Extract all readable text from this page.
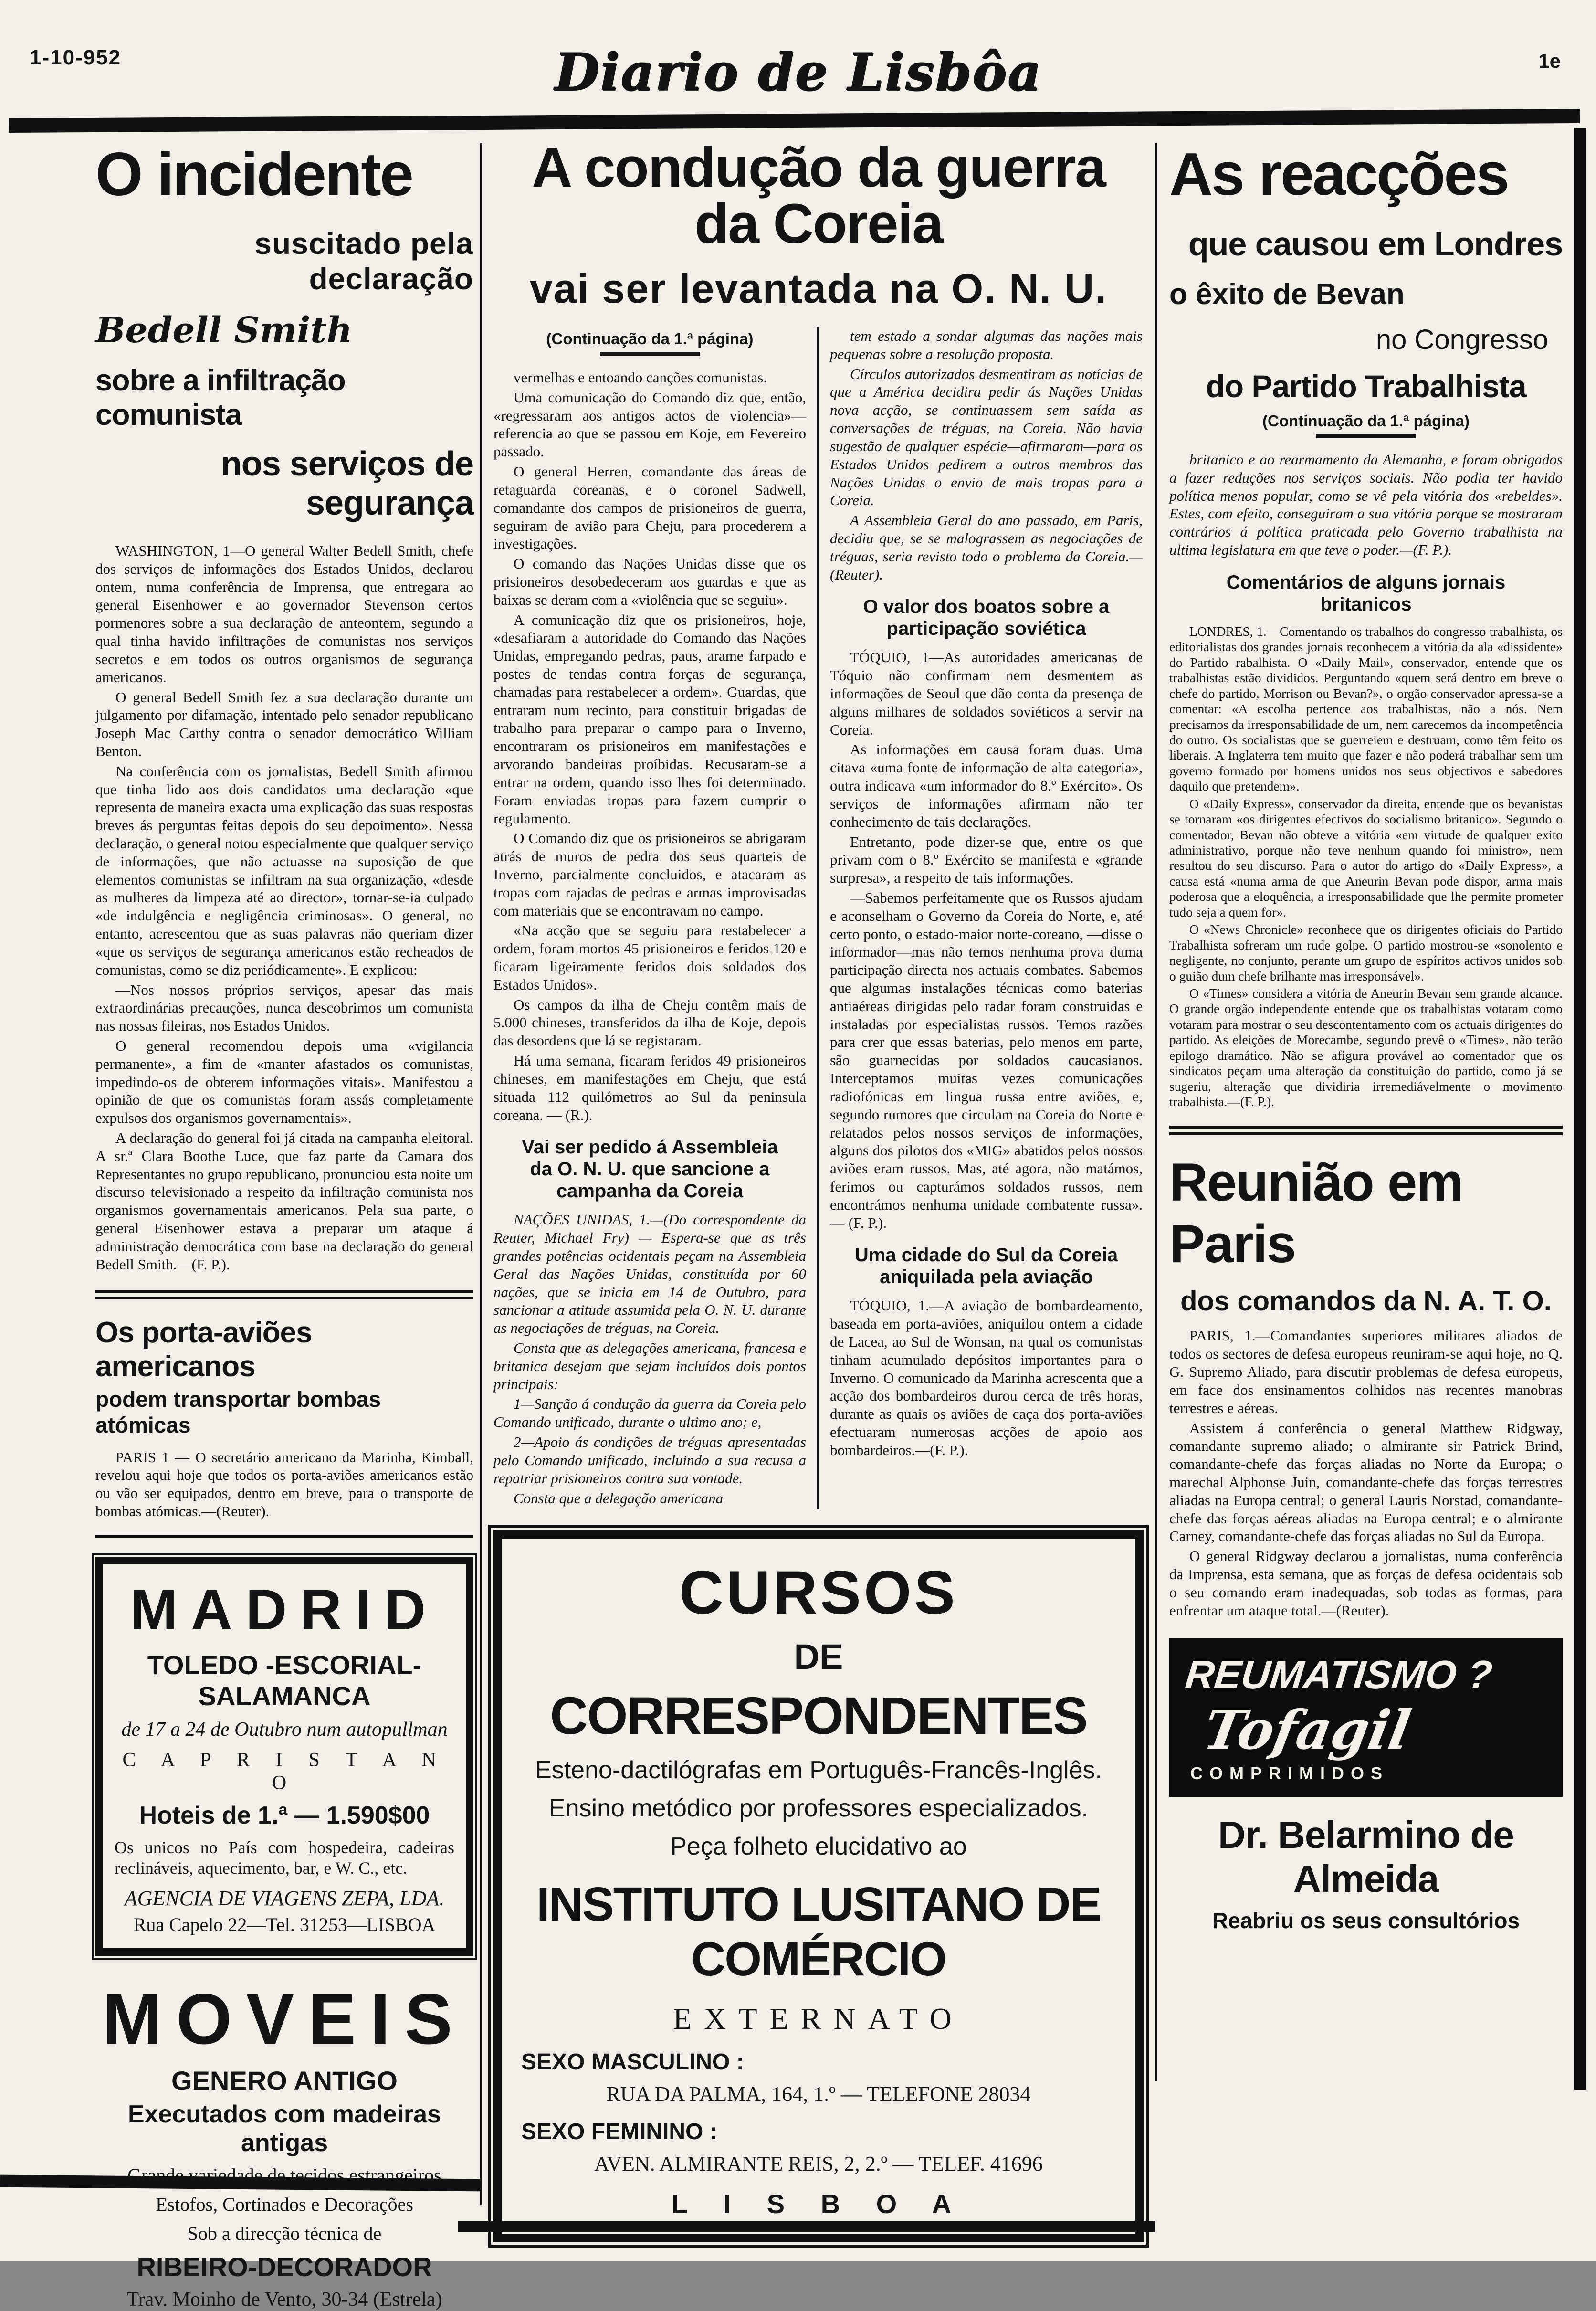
1-10-952	Diario de Lisbôa	1e
O incidente
suscitado pela declaração
Bedell Smith
sobre a infiltração comunista
nos serviços de segurança

WASHINGTON, 1—O general Walter Bedell Smith, chefe dos serviços de informações dos Estados Unidos, declarou ontem, numa conferência de Imprensa, que entregara ao general Eisenhower e ao governador Stevenson certos pormenores sobre a sua declaração de anteontem, segundo a qual tinha havido infiltrações de comunistas nos serviços secretos e em todos os outros organismos de segurança americanos.

O general Bedell Smith fez a sua declaração durante um julgamento por difamação, intentado pelo senador republicano Joseph Mac Carthy contra o senador democrático William Benton.

Na conferência com os jornalistas, Bedell Smith afirmou que tinha lido aos dois candidatos uma declaração «que representa de maneira exacta uma explicação das suas respostas breves ás perguntas feitas depois do seu depoimento». Nessa declaração, o general notou especialmente que qualquer serviço de informações, que não actuasse na suposição de que elementos comunistas se infiltram na sua organização, «desde as mulheres da limpeza até ao director», tornar-se-ia culpado «de indulgência e negligência criminosas». O general, no entanto, acrescentou que as suas palavras não queriam dizer «que os serviços de segurança americanos estão recheados de comunistas, como se diz periódicamente». E explicou:

—Nos nossos próprios serviços, apesar das mais extraordinárias precauções, nunca descobrimos um comunista nas nossas fileiras, nos Estados Unidos.

O general recomendou depois uma «vigilancia permanente», a fim de «manter afastados os comunistas, impedindo-os de obterem informações vitais». Manifestou a opinião de que os comunistas foram assás completamente expulsos dos organismos governamentais».

A declaração do general foi já citada na campanha eleitoral. A sr.ª Clara Boothe Luce, que faz parte da Camara dos Representantes no grupo republicano, pronunciou esta noite um discurso televisionado a respeito da infiltração comunista nos organismos governamentais americanos. Pela sua parte, o general Eisenhower estava a preparar um ataque á administração democrática com base na declaração do general Bedell Smith.—(F. P.).

Os porta-aviões americanos
podem transportar bombas atómicas

PARIS 1 — O secretário americano da Marinha, Kimball, revelou aqui hoje que todos os porta-aviões americanos estão ou vão ser equipados, dentro em breve, para o transporte de bombas atómicas.—(Reuter).

MADRID
TOLEDO -ESCORIAL- SALAMANCA
de 17 a 24 de Outubro num autopullman
C A P R I S T A N O
Hoteis de 1.ª — 1.590$00
Os unicos no País com hospedeira, cadeiras reclináveis, aquecimento, bar, e W. C., etc.
AGENCIA DE VIAGENS ZEPA, LDA.
Rua Capelo 22—Tel. 31253—LISBOA
MOVEIS
GENERO ANTIGO
Executados com madeiras antigas
Grande variedade de tecidos estrangeiros
Estofos, Cortinados e Decorações
Sob a direcção técnica de
RIBEIRO-DECORADOR
Trav. Moinho de Vento, 30-34 (Estrela)
A condução da guerra da Coreia
vai ser levantada na O. N. U.
(Continuação da 1.ª página)

vermelhas e entoando canções comunistas.

Uma comunicação do Comando diz que, então, «regressaram aos antigos actos de violencia»—referencia ao que se passou em Koje, em Fevereiro passado.

O general Herren, comandante das áreas de retaguarda coreanas, e o coronel Sadwell, comandante dos campos de prisioneiros de guerra, seguiram de avião para Cheju, para procederem a investigações.

O comando das Nações Unidas disse que os prisioneiros desobedeceram aos guardas e que as baixas se deram com a «violência que se seguiu».

A comunicação diz que os prisioneiros, hoje, «desafiaram a autoridade do Comando das Nações Unidas, empregando pedras, paus, arame farpado e postes de tendas contra forças de segurança, chamadas para restabelecer a ordem». Guardas, que entraram num recinto, para constituir brigadas de trabalho para preparar o campo para o Inverno, encontraram os prisioneiros em manifestações e arvorando bandeiras proíbidas. Recusaram-se a entrar na ordem, quando isso lhes foi determinado. Foram enviadas tropas para fazem cumprir o regulamento.

O Comando diz que os prisioneiros se abrigaram atrás de muros de pedra dos seus quarteis de Inverno, parcialmente concluidos, e atacaram as tropas com rajadas de pedras e armas improvisadas com materiais que se encontravam no campo.

«Na acção que se seguiu para restabelecer a ordem, foram mortos 45 prisioneiros e feridos 120 e ficaram ligeiramente feridos dois soldados dos Estados Unidos».

Os campos da ilha de Cheju contêm mais de 5.000 chineses, transferidos da ilha de Koje, depois das desordens que lá se registaram.

Há uma semana, ficaram feridos 49 prisioneiros chineses, em manifestações em Cheju, que está situada 112 quilómetros ao Sul da peninsula coreana. — (R.).

Vai ser pedido á Assembleia da O. N. U. que sancione a campanha da Coreia

NAÇÕES UNIDAS, 1.—(Do correspondente da Reuter, Michael Fry) — Espera-se que as três grandes potências ocidentais peçam na Assembleia Geral das Nações Unidas, constituída por 60 nações, que se inicia em 14 de Outubro, para sancionar a atitude assumida pela O. N. U. durante as negociações de tréguas, na Coreia.

Consta que as delegações americana, francesa e britanica desejam que sejam incluídos dois pontos principais:

1—Sanção á condução da guerra da Coreia pelo Comando unificado, durante o ultimo ano; e,

2—Apoio ás condições de tréguas apresentadas pelo Comando unificado, incluindo a sua recusa a repatriar prisioneiros contra sua vontade.

Consta que a delegação americana

tem estado a sondar algumas das nações mais pequenas sobre a resolução proposta.

Círculos autorizados desmentiram as notícias de que a América decidira pedir ás Nações Unidas nova acção, se continuassem sem saída as conversações de tréguas, na Coreia. Não havia sugestão de qualquer espécie—afirmaram—para os Estados Unidos pedirem a outros membros das Nações Unidas o envio de mais tropas para a Coreia.

A Assembleia Geral do ano passado, em Paris, decidiu que, se se malograssem as negociações de tréguas, seria revisto todo o problema da Coreia.—(Reuter).

O valor dos boatos sobre a participação soviética

TÓQUIO, 1—As autoridades americanas de Tóquio não confirmam nem desmentem as informações de Seoul que dão conta da presença de alguns milhares de soldados soviéticos a servir na Coreia.

As informações em causa foram duas. Uma citava «uma fonte de informação de alta categoria», outra indicava «um informador do 8.º Exército». Os serviços de informações afirmam não ter conhecimento de tais declarações.

Entretanto, pode dizer-se que, entre os que privam com o 8.º Exército se manifesta e «grande surpresa», a respeito de tais informações.

—Sabemos perfeitamente que os Russos ajudam e aconselham o Governo da Coreia do Norte, e, até certo ponto, o estado-maior norte-coreano, —disse o informador—mas não temos nenhuma prova duma participação directa nos actuais combates. Sabemos que algumas instalações técnicas como baterias antiaéreas dirigidas pelo radar foram construidas e instaladas por especialistas russos. Temos razões para crer que essas baterias, pelo menos em parte, são guarnecidas por soldados caucasianos. Interceptamos muitas vezes comunicações radiofónicas em lingua russa entre aviões, e, segundo rumores que circulam na Coreia do Norte e relatados pelos nossos serviços de informações, alguns dos pilotos dos «MIG» abatidos pelos nossos aviões eram russos. Mas, até agora, não matámos, ferimos ou capturámos soldados russos, nem encontrámos nenhuma unidade combatente russa». — (F. P.).

Uma cidade do Sul da Coreia aniquilada pela aviação

TÓQUIO, 1.—A aviação de bombardeamento, baseada em porta-aviões, aniquilou ontem a cidade de Lacea, ao Sul de Wonsan, na qual os comunistas tinham acumulado depósitos importantes para o Inverno. O comunicado da Marinha acrescenta que a acção dos bombardeiros durou cerca de três horas, durante as quais os aviões de caça dos porta-aviões efectuaram numerosas acções de apoio aos bombardeiros.—(F. P.).

CURSOS
DE
CORRESPONDENTES
Esteno-dactilógrafas em Português-Francês-Inglês.
Ensino metódico por professores especializados.
Peça folheto elucidativo ao
INSTITUTO LUSITANO DE COMÉRCIO
EXTERNATO
SEXO MASCULINO :
RUA DA PALMA, 164, 1.º — TELEFONE 28034
SEXO FEMININO :
AVEN. ALMIRANTE REIS, 2, 2.º — TELEF. 41696
L I S B O A
As reacções
que causou em Londres
o êxito de Bevan
no Congresso
do Partido Trabalhista
(Continuação da 1.ª página)

britanico e ao rearmamento da Alemanha, e foram obrigados a fazer reduções nos serviços sociais. Não podia ter havido política menos popular, como se vê pela vitória dos «rebeldes». Estes, com efeito, conseguiram a sua vitória porque se mostraram contrários á política praticada pelo Governo trabalhista na ultima legislatura em que teve o poder.—(F. P.).

Comentários de alguns jornais britanicos

LONDRES, 1.—Comentando os trabalhos do congresso trabalhista, os editorialistas dos grandes jornais reconhecem a vitória da ala «dissidente» do Partido rabalhista. O «Daily Mail», conservador, entende que os trabalhistas estão divididos. Perguntando «quem será dentro em breve o chefe do partido, Morrison ou Bevan?», o orgão conservador apressa-se a comentar: «A escolha pertence aos trabalhistas, não a nós. Nem precisamos da irresponsabilidade de um, nem carecemos da incompetência do outro. Os socialistas que se guerreiem e destruam, como têm feito os liberais. A Inglaterra tem muito que fazer e não poderá trabalhar sem um governo formado por homens unidos nos seus objectivos e sabedores daquilo que pretendem».

O «Daily Express», conservador da direita, entende que os bevanistas se tornaram «os dirigentes efectivos do socialismo britanico». Segundo o comentador, Bevan não obteve a vitória «em virtude de qualquer exito administrativo, porque não teve nenhum quando foi ministro», nem resultou do seu discurso. Para o autor do artigo do «Daily Express», a causa está «numa arma de que Aneurin Bevan pode dispor, arma mais poderosa que a eloquência, a irresponsabilidade que lhe permite prometer tudo seja a quem for».

O «News Chronicle» reconhece que os dirigentes oficiais do Partido Trabalhista sofreram um rude golpe. O partido mostrou-se «sonolento e negligente, no conjunto, perante um grupo de espíritos activos unidos sob o guião dum chefe brilhante mas irresponsável».

O «Times» considera a vitória de Aneurin Bevan sem grande alcance. O grande orgão independente entende que os trabalhistas votaram como votaram para mostrar o seu descontentamento com os actuais dirigentes do partido. As eleições de Morecambe, segundo prevê o «Times», não terão epilogo dramático. Não se afigura provável ao comentador que os sindicatos peçam uma alteração da constituição do partido, como já se sugeriu, alteração que dividiria irremediávelmente o movimento trabalhista.—(F. P.).

Reunião em Paris
dos comandos da N. A. T. O.

PARIS, 1.—Comandantes superiores militares aliados de todos os sectores de defesa europeus reuniram-se aqui hoje, no Q. G. Supremo Aliado, para discutir problemas de defesa europeus, em face dos ensinamentos colhidos nas recentes manobras terrestres e aéreas.

Assistem á conferência o general Matthew Ridgway, comandante supremo aliado; o almirante sir Patrick Brind, comandante-chefe das forças aliadas no Norte da Europa; o marechal Alphonse Juin, comandante-chefe das forças terrestres aliadas na Europa central; o general Lauris Norstad, comandante-chefe das forças aéreas aliadas na Europa central; e o almirante Carney, comandante-chefe das forças aliadas no Sul da Europa.

O general Ridgway declarou a jornalistas, numa conferência da Imprensa, esta semana, que as forças de defesa ocidentais sob o seu comando eram inadequadas, sob todas as formas, para enfrentar um ataque total.—(Reuter).

REUMATISMO ?
Tofagil
COMPRIMIDOS
Dr. Belarmino de Almeida
Reabriu os seus consultórios
